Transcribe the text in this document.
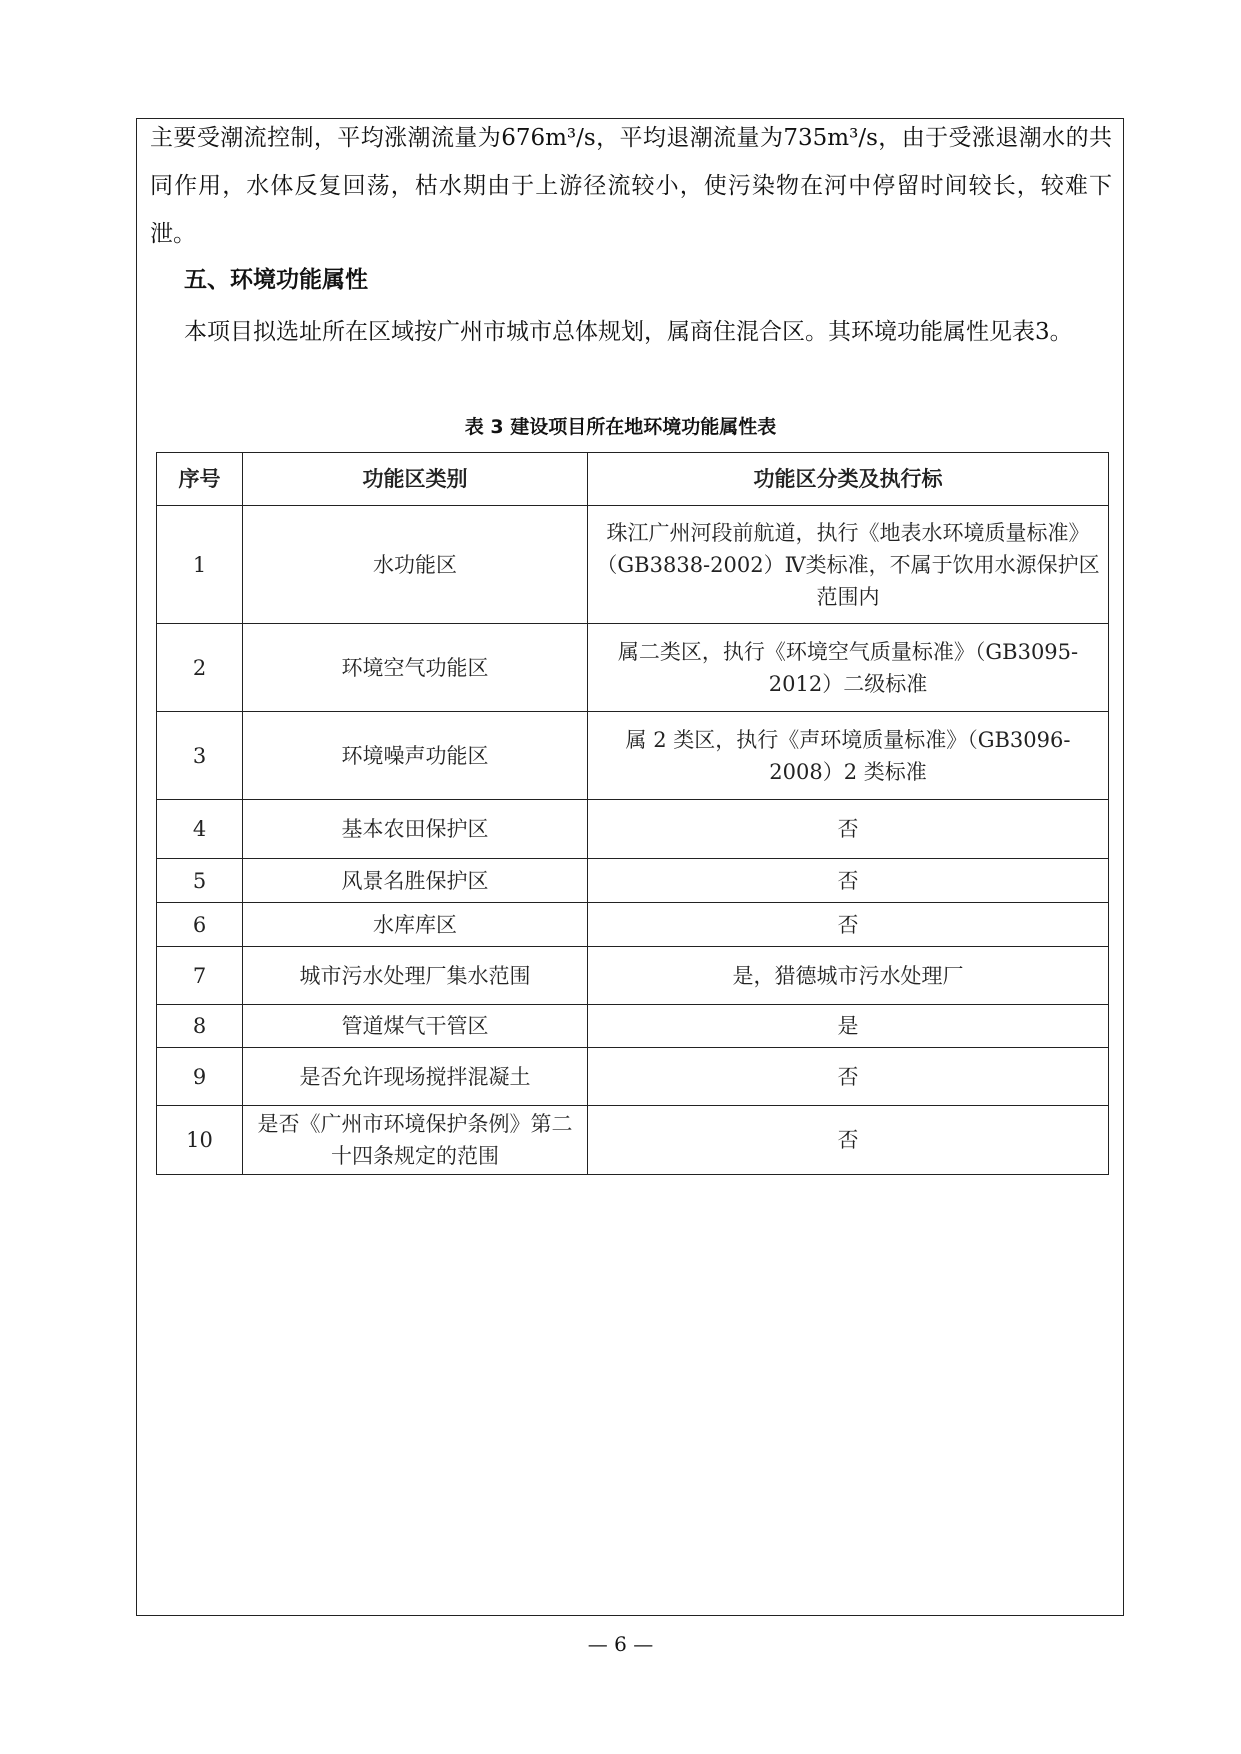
主要受潮流控制，平均涨潮流量为676m³/s，平均退潮流量为735m³/s，由于受涨退潮水的共同作用，水体反复回荡，枯水期由于上游径流较小，使污染物在河中停留时间较长，较难下泄。

五、环境功能属性

本项目拟选址所在区域按广州市城市总体规划，属商住混合区。其环境功能属性见表3。

表 3 建设项目所在地环境功能属性表
序号	功能区类别	功能区分类及执行标
1	水功能区	珠江广州河段前航道，执行《地表水环境质量标准》（GB3838-2002）Ⅳ类标准，不属于饮用水源保护区范围内
2	环境空气功能区	属二类区，执行《环境空气质量标准》（GB3095-2012）二级标准
3	环境噪声功能区	属 2 类区，执行《声环境质量标准》（GB3096-2008）2 类标准
4	基本农田保护区	否
5	风景名胜保护区	否
6	水库库区	否
7	城市污水处理厂集水范围	是，猎德城市污水处理厂
8	管道煤气干管区	是
9	是否允许现场搅拌混凝土	否
10	是否《广州市环境保护条例》第二十四条规定的范围	否
— 6 —
